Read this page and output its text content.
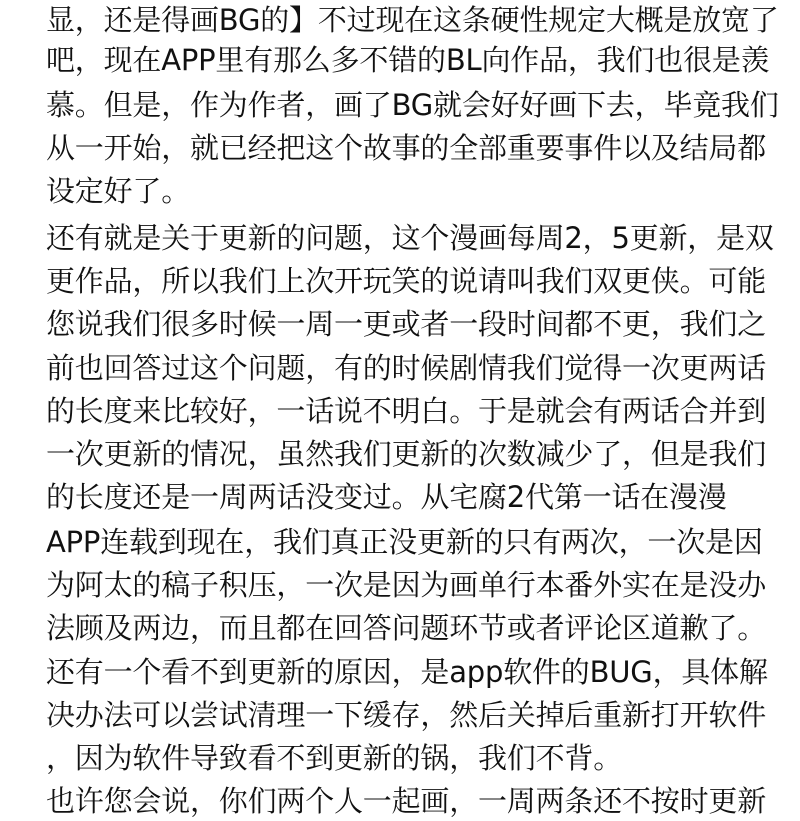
显，还是得画BG的】不过现在这条硬性规定大概是放宽了
吧，现在APP里有那么多不错的BL向作品，我们也很是羡
慕。但是，作为作者，画了BG就会好好画下去，毕竟我们
从一开始，就已经把这个故事的全部重要事件以及结局都
设定好了。
还有就是关于更新的问题，这个漫画每周2，5更新，是双
更作品，所以我们上次开玩笑的说请叫我们双更侠。可能
您说我们很多时候一周一更或者一段时间都不更，我们之
前也回答过这个问题，有的时候剧情我们觉得一次更两话
的长度来比较好，一话说不明白。于是就会有两话合并到
一次更新的情况，虽然我们更新的次数减少了，但是我们
的长度还是一周两话没变过。从宅腐2代第一话在漫漫
APP连载到现在，我们真正没更新的只有两次，一次是因
为阿太的稿子积压，一次是因为画单行本番外实在是没办
法顾及两边，而且都在回答问题环节或者评论区道歉了。
还有一个看不到更新的原因，是app软件的BUG，具体解
决办法可以尝试清理一下缓存，然后关掉后重新打开软件
，因为软件导致看不到更新的锅，我们不背。
也许您会说，你们两个人一起画，一周两条还不按时更新
